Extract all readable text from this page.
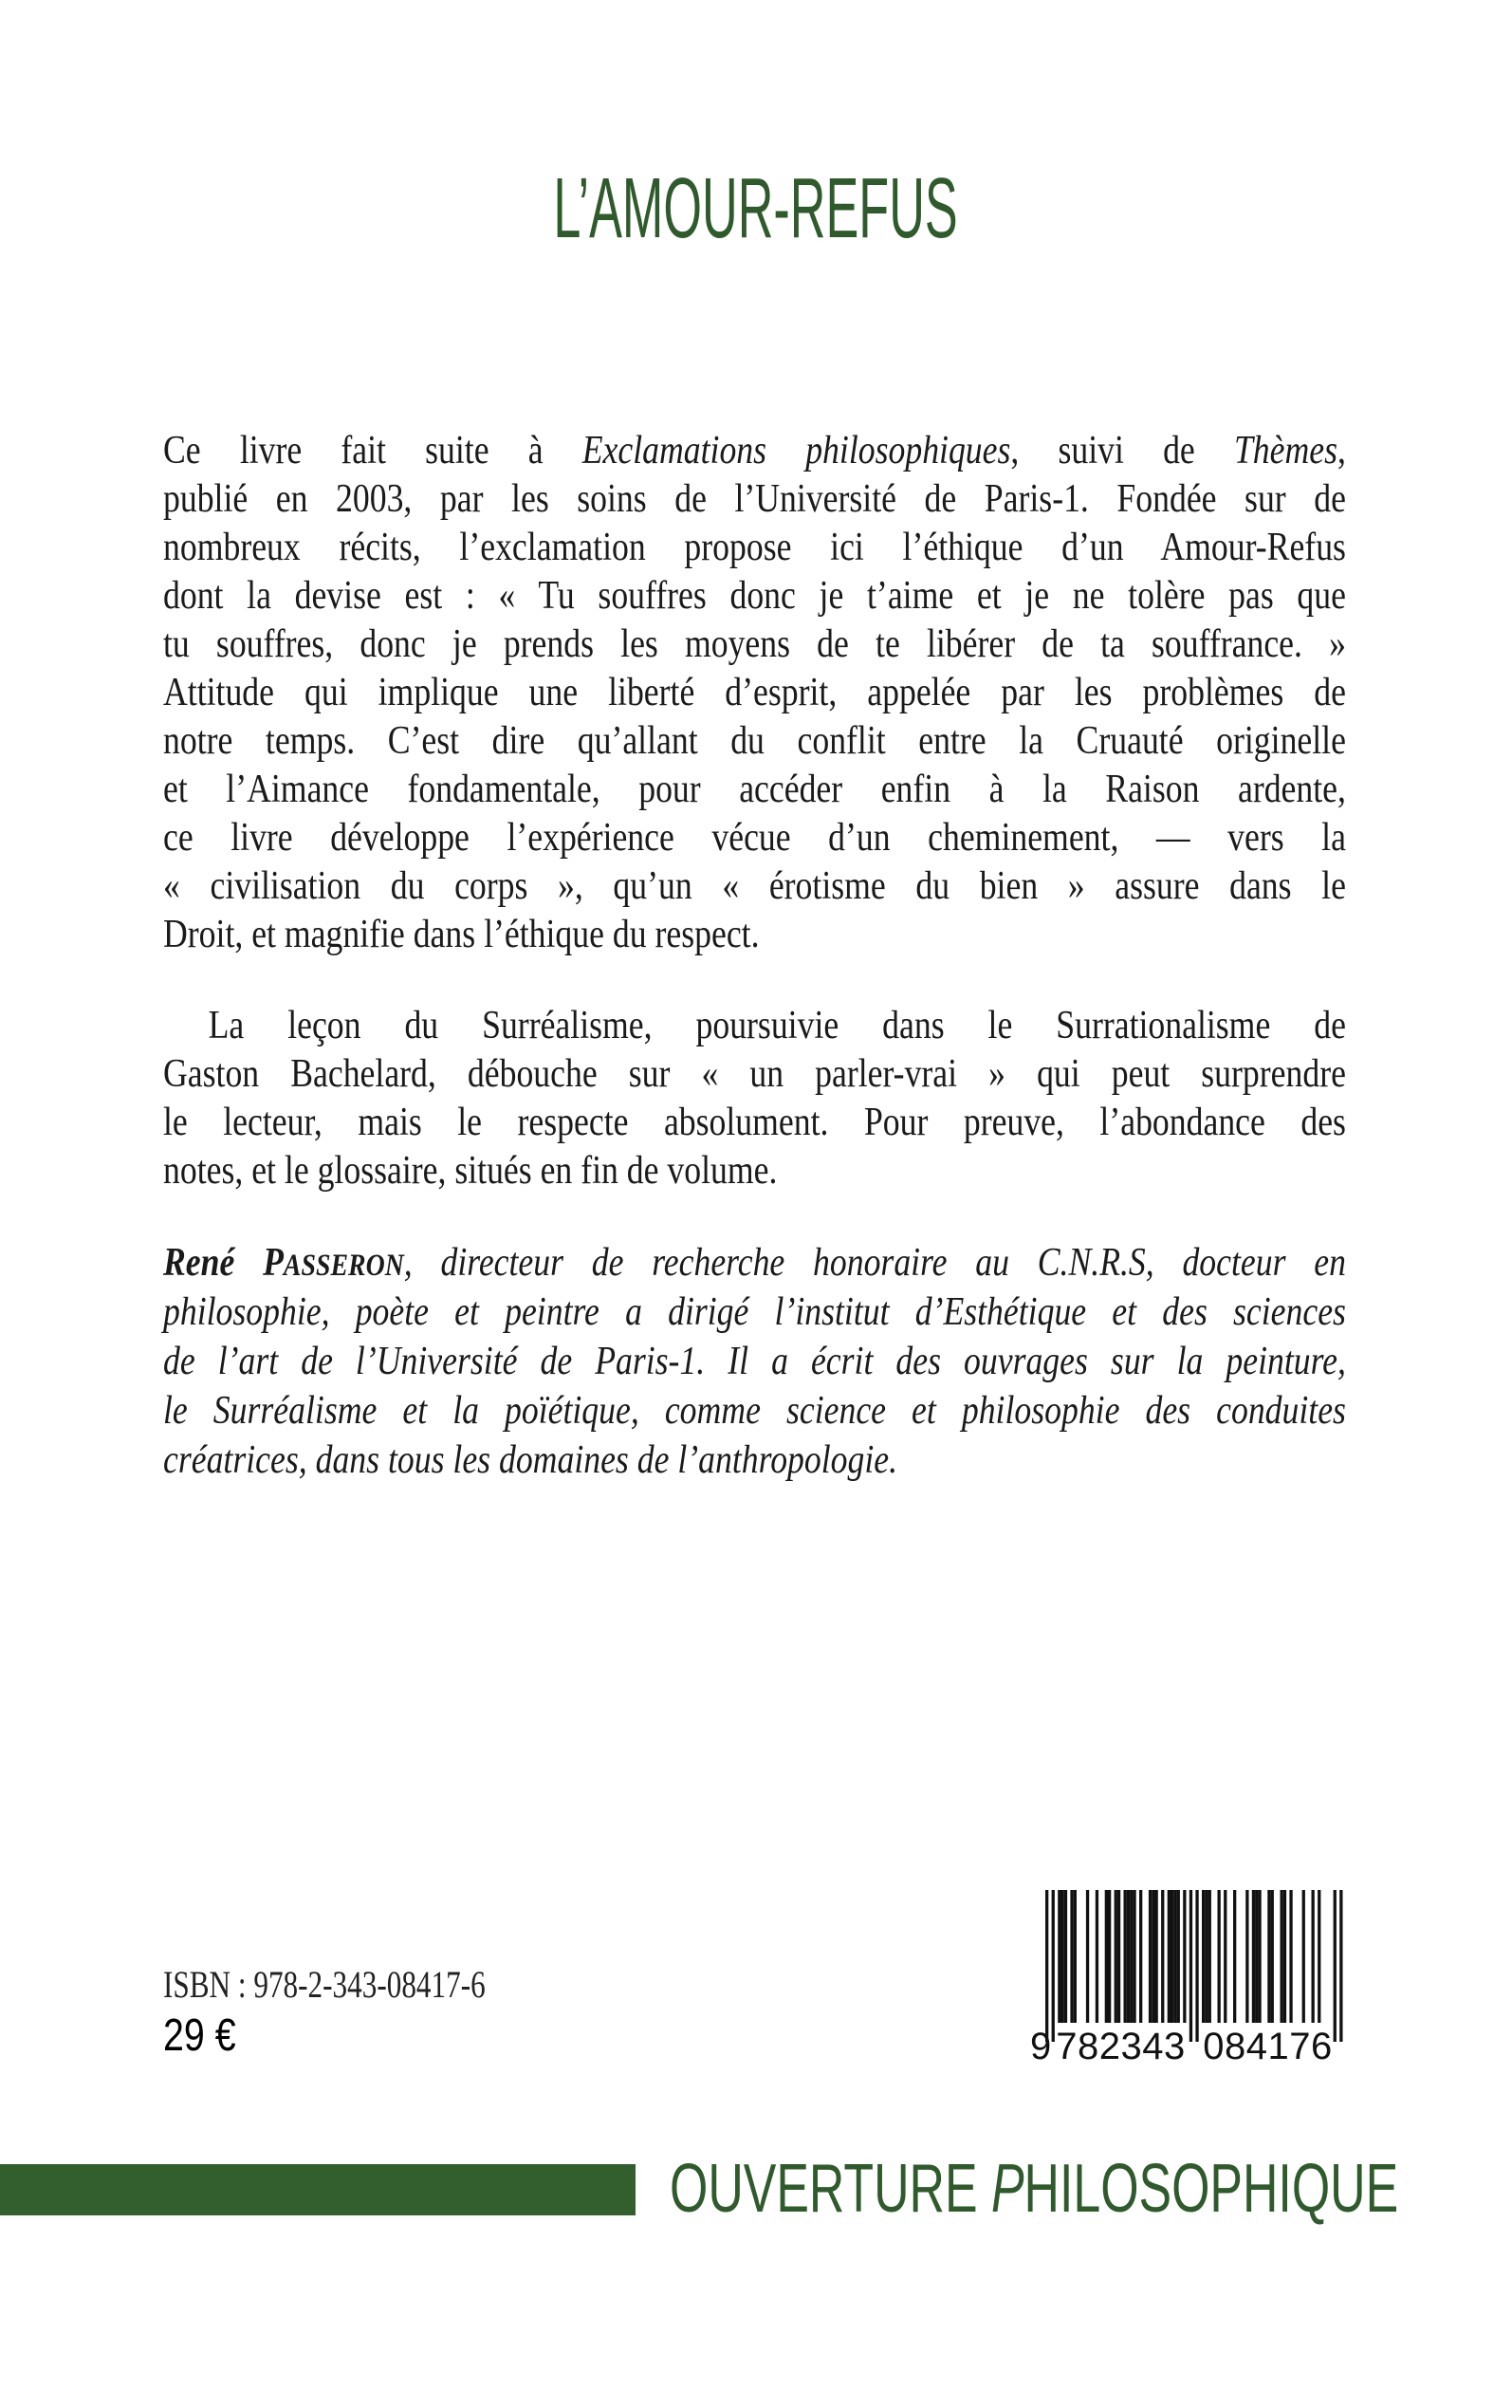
L’AMOUR-REFUS
Ce livre fait suite à Exclamations philosophiques, suivi de Thèmes,
publié en 2003, par les soins de l’Université de Paris-1. Fondée sur de
nombreux récits, l’exclamation propose ici l’éthique d’un Amour-Refus
dont la devise est : « Tu souffres donc je t’aime et je ne tolère pas que
tu souffres, donc je prends les moyens de te libérer de ta souffrance. »
Attitude qui implique une liberté d’esprit, appelée par les problèmes de
notre temps. C’est dire qu’allant du conflit entre la Cruauté originelle
et l’Aimance fondamentale, pour accéder enfin à la Raison ardente,
ce livre développe l’expérience vécue d’un cheminement, — vers la
« civilisation du corps », qu’un « érotisme du bien » assure dans le
Droit, et magnifie dans l’éthique du respect.
La leçon du Surréalisme, poursuivie dans le Surrationalisme de
Gaston Bachelard, débouche sur « un parler-vrai » qui peut surprendre
le lecteur, mais le respecte absolument. Pour preuve, l’abondance des
notes, et le glossaire, situés en fin de volume.
René PASSERON, directeur de recherche honoraire au C.N.R.S, docteur en
philosophie, poète et peintre a dirigé l’institut d’Esthétique et des sciences
de l’art de l’Université de Paris-1. Il a écrit des ouvrages sur la peinture,
le Surréalisme et la poïétique, comme science et philosophie des conduites
créatrices, dans tous les domaines de l’anthropologie.
ISBN : 978-2-343-08417-6
29 €	9 782343 084176
OUVERTURE PHILOSOPHIQUE
